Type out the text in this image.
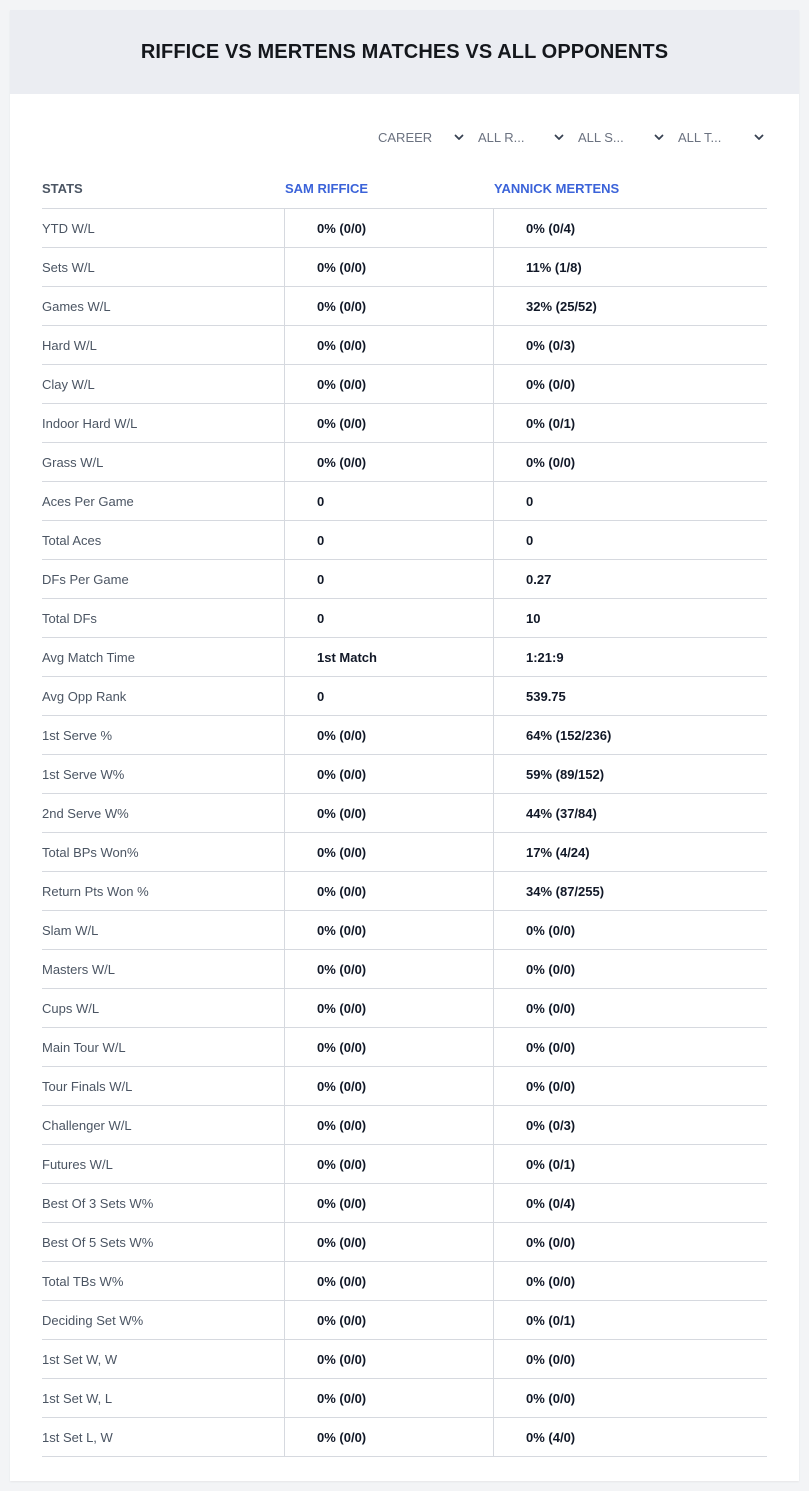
RIFFICE VS MERTENS MATCHES VS ALL OPPONENTS
CAREER	ALL R...	ALL S...	ALL T...
STATS	SAM RIFFICE	YANNICK MERTENS
YTD W/L	0% (0/0)	0% (0/4)
Sets W/L	0% (0/0)	11% (1/8)
Games W/L	0% (0/0)	32% (25/52)
Hard W/L	0% (0/0)	0% (0/3)
Clay W/L	0% (0/0)	0% (0/0)
Indoor Hard W/L	0% (0/0)	0% (0/1)
Grass W/L	0% (0/0)	0% (0/0)
Aces Per Game	0	0
Total Aces	0	0
DFs Per Game	0	0.27
Total DFs	0	10
Avg Match Time	1st Match	1:21:9
Avg Opp Rank	0	539.75
1st Serve %	0% (0/0)	64% (152/236)
1st Serve W%	0% (0/0)	59% (89/152)
2nd Serve W%	0% (0/0)	44% (37/84)
Total BPs Won%	0% (0/0)	17% (4/24)
Return Pts Won %	0% (0/0)	34% (87/255)
Slam W/L	0% (0/0)	0% (0/0)
Masters W/L	0% (0/0)	0% (0/0)
Cups W/L	0% (0/0)	0% (0/0)
Main Tour W/L	0% (0/0)	0% (0/0)
Tour Finals W/L	0% (0/0)	0% (0/0)
Challenger W/L	0% (0/0)	0% (0/3)
Futures W/L	0% (0/0)	0% (0/1)
Best Of 3 Sets W%	0% (0/0)	0% (0/4)
Best Of 5 Sets W%	0% (0/0)	0% (0/0)
Total TBs W%	0% (0/0)	0% (0/0)
Deciding Set W%	0% (0/0)	0% (0/1)
1st Set W, W	0% (0/0)	0% (0/0)
1st Set W, L	0% (0/0)	0% (0/0)
1st Set L, W	0% (0/0)	0% (4/0)
